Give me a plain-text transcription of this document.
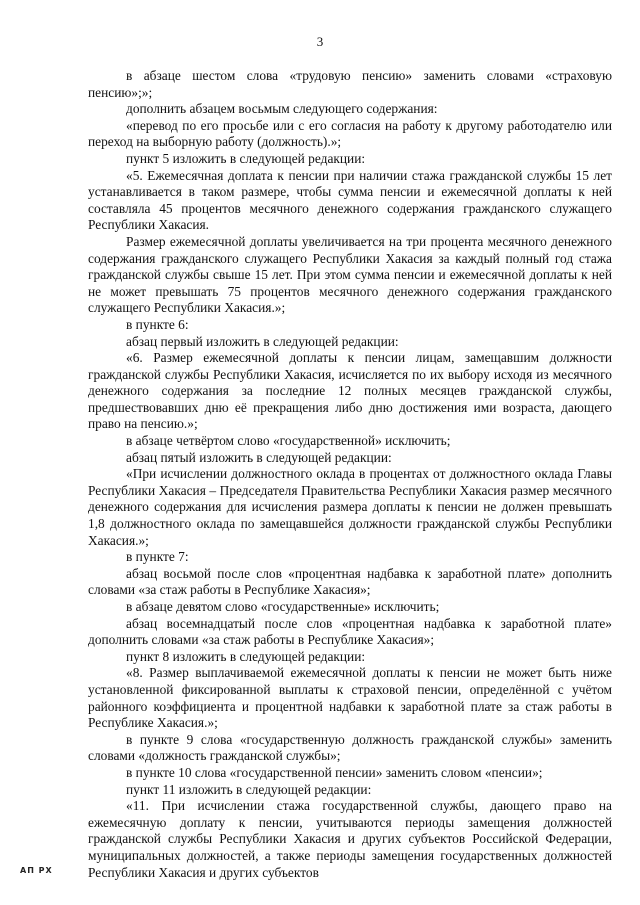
3

в абзаце шестом слова «трудовую пенсию» заменить словами «страховую пенсию»;»;

дополнить абзацем восьмым следующего содержания:

«перевод по его просьбе или с его согласия на работу к другому работодателю или переход на выборную работу (должность).»;

пункт 5 изложить в следующей редакции:

«5. Ежемесячная доплата к пенсии при наличии стажа гражданской службы 15 лет устанавливается в таком размере, чтобы сумма пенсии и ежемесячной доплаты к ней составляла 45 процентов месячного денежного содержания гражданского служащего Республики Хакасия.

Размер ежемесячной доплаты увеличивается на три процента месячного денежного содержания гражданского служащего Республики Хакасия за каждый полный год стажа гражданской службы свыше 15 лет. При этом сумма пенсии и ежемесячной доплаты к ней не может превышать 75 процентов месячного денежного содержания гражданского служащего Республики Хакасия.»;

в пункте 6:

абзац первый изложить в следующей редакции:

«6. Размер ежемесячной доплаты к пенсии лицам, замещавшим должности гражданской службы Республики Хакасия, исчисляется по их выбору исходя из месячного денежного содержания за последние 12 полных месяцев гражданской службы, предшествовавших дню её прекращения либо дню достижения ими возраста, дающего право на пенсию.»;

в абзаце четвёртом слово «государственной» исключить;

абзац пятый изложить в следующей редакции:

«При исчислении должностного оклада в процентах от должностного оклада Главы Республики Хакасия – Председателя Правительства Республики Хакасия размер месячного денежного содержания для исчисления размера доплаты к пенсии не должен превышать 1,8 должностного оклада по замещавшейся должности гражданской службы Республики Хакасия.»;

в пункте 7:

абзац восьмой после слов «процентная надбавка к заработной плате» дополнить словами «за стаж работы в Республике Хакасия»;

в абзаце девятом слово «государственные» исключить;

абзац восемнадцатый после слов «процентная надбавка к заработной плате» дополнить словами «за стаж работы в Республике Хакасия»;

пункт 8 изложить в следующей редакции:

«8. Размер выплачиваемой ежемесячной доплаты к пенсии не может быть ниже установленной фиксированной выплаты к страховой пенсии, определённой с учётом районного коэффициента и процентной надбавки к заработной плате за стаж работы в Республике Хакасия.»;

в пункте 9 слова «государственную должность гражданской службы» заменить словами «должность гражданской службы»;

в пункте 10 слова «государственной пенсии» заменить словом «пенсии»;

пункт 11 изложить в следующей редакции:

«11. При исчислении стажа государственной службы, дающего право на ежемесячную доплату к пенсии, учитываются периоды замещения должностей гражданской службы Республики Хакасия и других субъектов Российской Федерации, муниципальных должностей, а также периоды замещения государственных должностей Республики Хакасия и других субъектов

АП РХ
